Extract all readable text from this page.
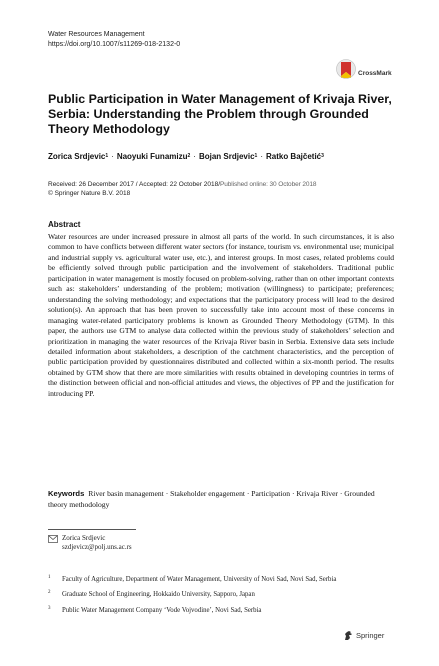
Water Resources Management
https://doi.org/10.1007/s11269-018-2132-0
CrossMark
Public Participation in Water Management of Krivaja River, Serbia: Understanding the Problem through Grounded Theory Methodology
Zorica Srdjevic$^1$ · Naoyuki Funamizu$^2$ · Bojan Srdjevic$^1$ · Ratko Bajčetić$^3$
Received: 26 December 2017 / Accepted: 22 October 2018/Published online: 30 October 2018
© Springer Nature B.V. 2018
Abstract
Water resources are under increased pressure in almost all parts of the world. In such circumstances, it is also common to have conflicts between different water sectors (for instance, tourism vs. environmental use; municipal and industrial supply vs. agricultural water use, etc.), and interest groups. In most cases, related problems could be efficiently solved through public participation and the involvement of stakeholders. Traditional public participation in water management is mostly focused on problem-solving, rather than on other important contexts such as: stakeholders’ understanding of the problem; motivation (willingness) to participate; preferences; understanding the solving methodology; and expectations that the participatory process will lead to the desired solution(s). An approach that has been proven to successfully take into account most of these concerns in managing water-related participatory problems is known as Grounded Theory Methodology (GTM). In this paper, the authors use GTM to analyse data collected within the previous study of stakeholders’ selection and prioritization in managing the water resources of the Krivaja River basin in Serbia. Extensive data sets include detailed information about stakeholders, a description of the catchment characteristics, and the perception of public participation provided by questionnaires distributed and collected within a six-month period. The results obtained by GTM show that there are more similarities with results obtained in developing countries in terms of the distinction between official and non-official attitudes and views, the objectives of PP and the justification for introducing PP.
Keywords River basin management · Stakeholder engagement · Participation · Krivaja River · Grounded theory methodology
Zorica Srdjevic
szdjevicz@polj.uns.ac.rs
1 Faculty of Agriculture, Department of Water Management, University of Novi Sad, Novi Sad, Serbia
2 Graduate School of Engineering, Hokkaido University, Sapporo, Japan
3 Public Water Management Company ‘Vode Vojvodine’, Novi Sad, Serbia
Springer
